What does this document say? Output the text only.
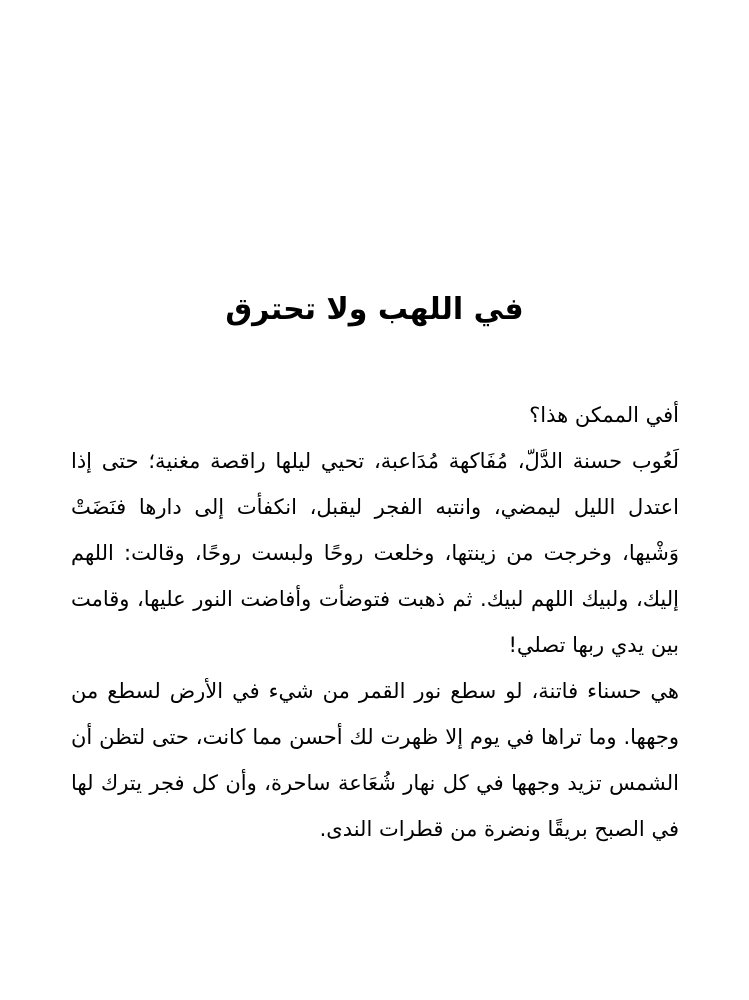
في اللهب ولا تحترق

أفي الممكن هذا؟

لَعُوب حسنة الدَّلّ، مُفَاكهة مُدَاعبة، تحيي ليلها راقصة مغنية؛ حتى إذا اعتدل الليل ليمضي، وانتبه الفجر ليقبل، انكفأت إلى دارها فنَضَتْ وَشْيها، وخرجت من زينتها، وخلعت روحًا ولبست روحًا، وقالت: اللهم إليك، ولبيك اللهم لبيك. ثم ذهبت فتوضأت وأفاضت النور عليها، وقامت بين يدي ربها تصلي!

هي حسناء فاتنة، لو سطع نور القمر من شيء في الأرض لسطع من وجهها. وما تراها في يوم إلا ظهرت لك أحسن مما كانت، حتى لتظن أن الشمس تزيد وجهها في كل نهار شُعَاعة ساحرة، وأن كل فجر يترك لها في الصبح بريقًا ونضرة من قطرات الندى.
